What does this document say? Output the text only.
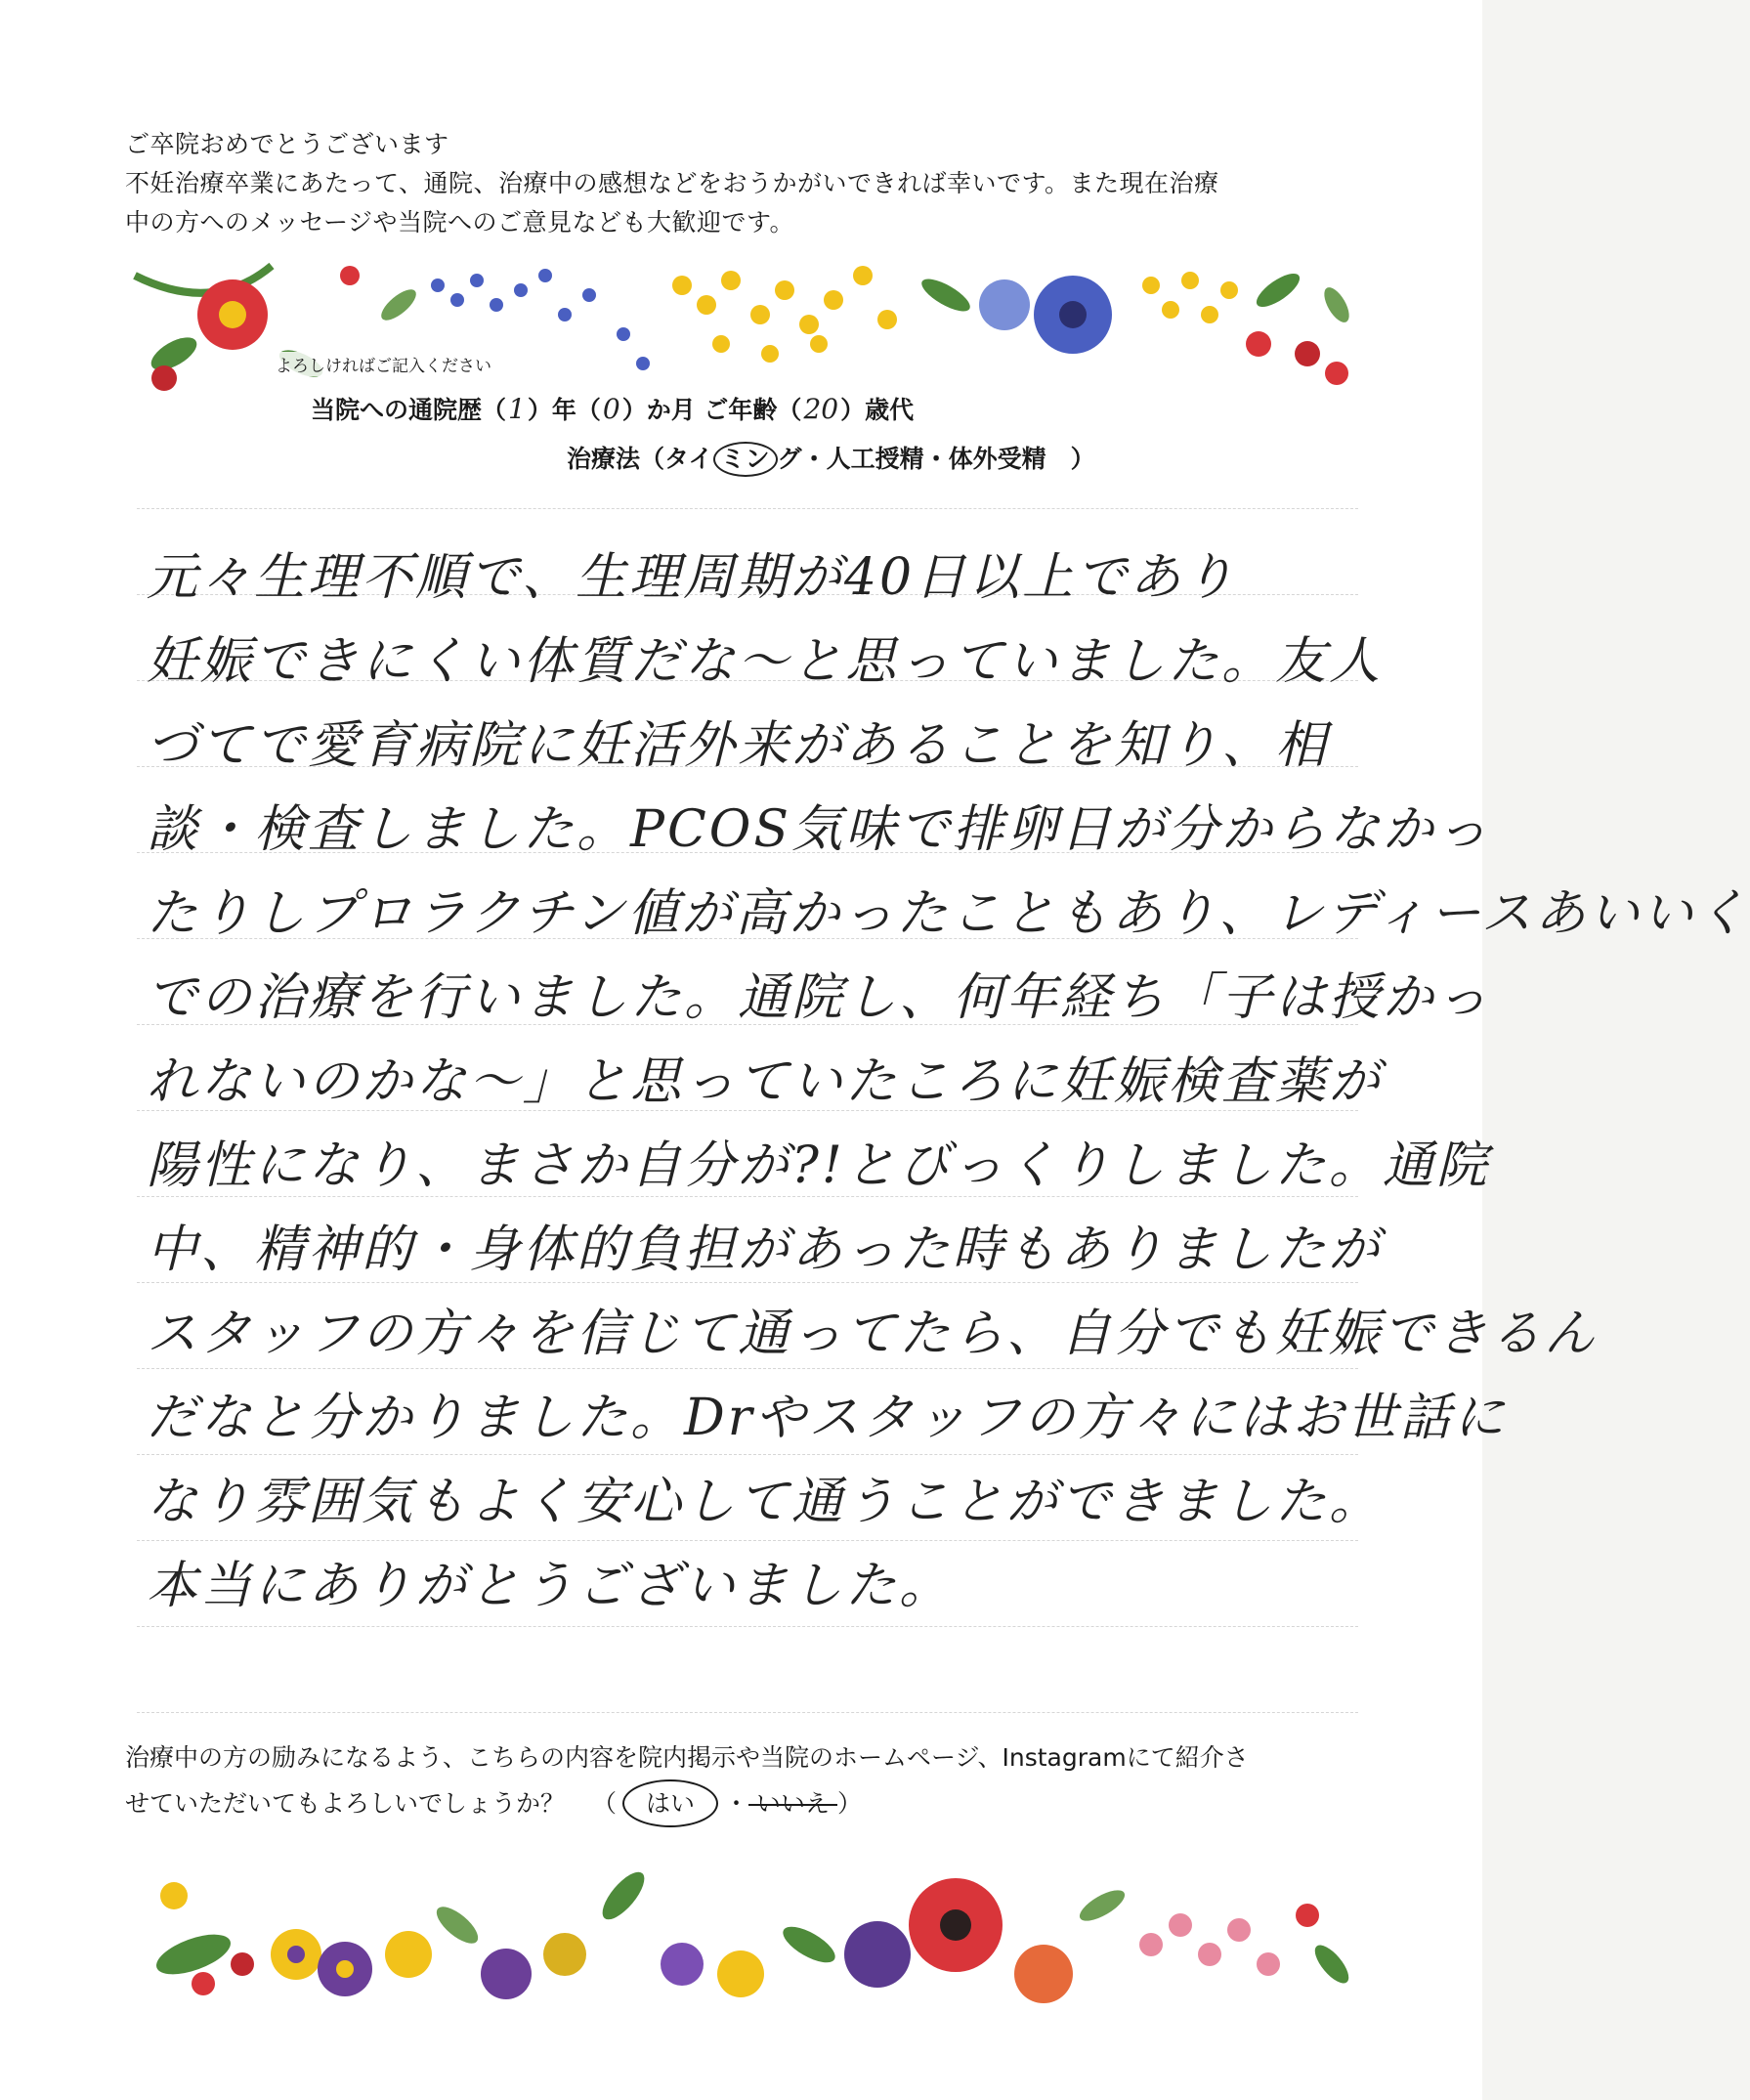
ご卒院おめでとうございます
不妊治療卒業にあたって、通院、治療中の感想などをおうかがいできれば幸いです。また現在治療
中の方へのメッセージや当院へのご意見なども大歓迎です。
よろしければご記入ください
当院への通院歴（1）年（0）か月 ご年齢（20）歳代
治療法（タイ ミン グ・人工授精・体外受精　）
元々生理不順で、生理周期が40日以上であり
妊娠できにくい体質だな〜と思っていました。友人
づてで愛育病院に妊活外来があることを知り、相
談・検査しました。PCOS気味で排卵日が分からなかっ
たりしプロラクチン値が高かったこともあり、レディースあいいく
での治療を行いました。通院し、何年経ち「子は授かっ
れないのかな〜」と思っていたころに妊娠検査薬が
陽性になり、まさか自分が?!とびっくりしました。通院
中、精神的・身体的負担があった時もありましたが
スタッフの方々を信じて通ってたら、自分でも妊娠できるん
だなと分かりました。Drやスタッフの方々にはお世話に
なり雰囲気もよく安心して通うことができました。
本当にありがとうございました。
治療中の方の励みになるよう、こちらの内容を院内掲示や当院のホームページ、Instagramにて紹介さ
せていただいてもよろしいでしょうか？ （ はい ・ いいえ ）
